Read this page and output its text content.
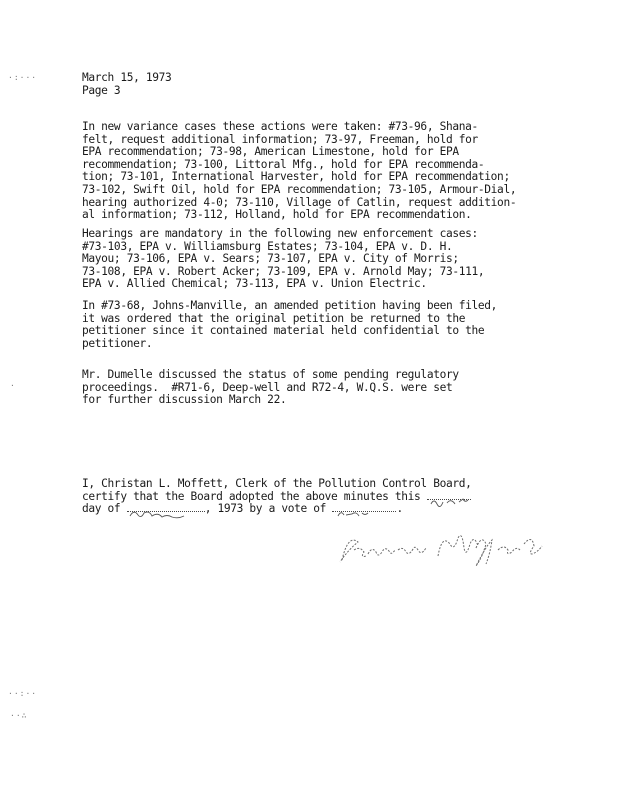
·:···
.
··:··
··∴
March 15, 1973
Page 3
In new variance cases these actions were taken: #73-96, Shana-
felt, request additional information; 73-97, Freeman, hold for
EPA recommendation; 73-98, American Limestone, hold for EPA
recommendation; 73-100, Littoral Mfg., hold for EPA recommenda-
tion; 73-101, International Harvester, hold for EPA recommendation;
73-102, Swift Oil, hold for EPA recommendation; 73-105, Armour-Dial,
hearing authorized 4-0; 73-110, Village of Catlin, request addition-
al information; 73-112, Holland, hold for EPA recommendation.
Hearings are mandatory in the following new enforcement cases:
#73-103, EPA v. Williamsburg Estates; 73-104, EPA v. D. H.
Mayou; 73-106, EPA v. Sears; 73-107, EPA v. City of Morris;
73-108, EPA v. Robert Acker; 73-109, EPA v. Arnold May; 73-111,
EPA v. Allied Chemical; 73-113, EPA v. Union Electric.
In #73-68, Johns-Manville, an amended petition having been filed,
it was ordered that the original petition be returned to the
petitioner since it contained material held confidential to the
petitioner.
Mr. Dumelle discussed the status of some pending regulatory
proceedings.  #R71-6, Deep-well and R72-4, W.Q.S. were set
for further discussion March 22.
I, Christan L. Moffett, Clerk of the Pollution Control Board,
certify that the Board adopted the above minutes this
day of	, 1973 by a vote of	.
